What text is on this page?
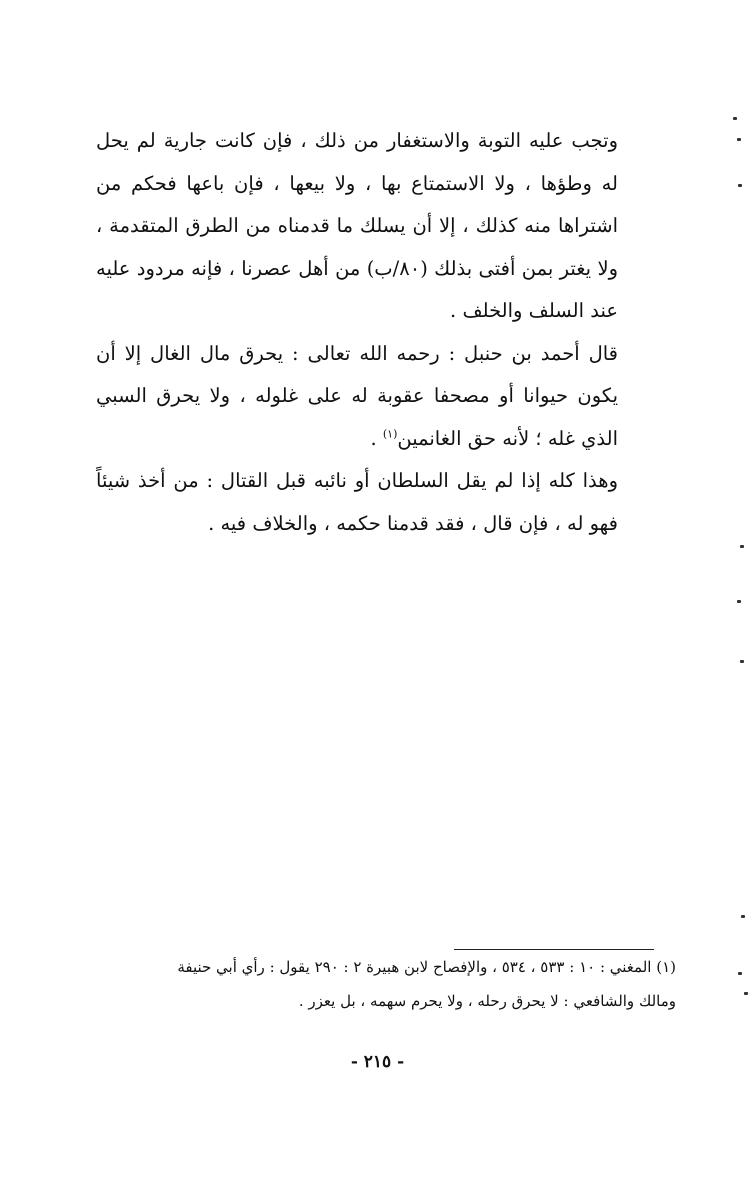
وتجب عليه التوبة والاستغفار من ذلك ، فإن كانت جارية لم يحل له وطؤها ، ولا الاستمتاع بها ، ولا بيعها ، فإن باعها فحكم من اشتراها منه كذلك ، إلا أن يسلك ما قدمناه من الطرق المتقدمة ، ولا يغتر بمن أفتى بذلك (٨٠/ب) من أهل عصرنا ، فإنه مردود عليه عند السلف والخلف .

قال أحمد بن حنبل : رحمه الله تعالى : يحرق مال الغال إلا أن يكون حيوانا أو مصحفا عقوبة له على غلوله ، ولا يحرق السبي الذي غله ؛ لأنه حق الغانمين$^{(١)}$ .

وهذا كله إذا لم يقل السلطان أو نائبه قبل القتال : من أخذ شيئاً فهو له ، فإن قال ، فقد قدمنا حكمه ، والخلاف فيه .

(١) المغني : ١٠ : ٥٣٣ ، ٥٣٤ ، والإفصاح لابن هبيرة ٢ : ٢٩٠ يقول : رأي أبي حنيفة

ومالك والشافعي : لا يحرق رحله ، ولا يحرم سهمه ، بل يعزر .

- ٢١٥ -
